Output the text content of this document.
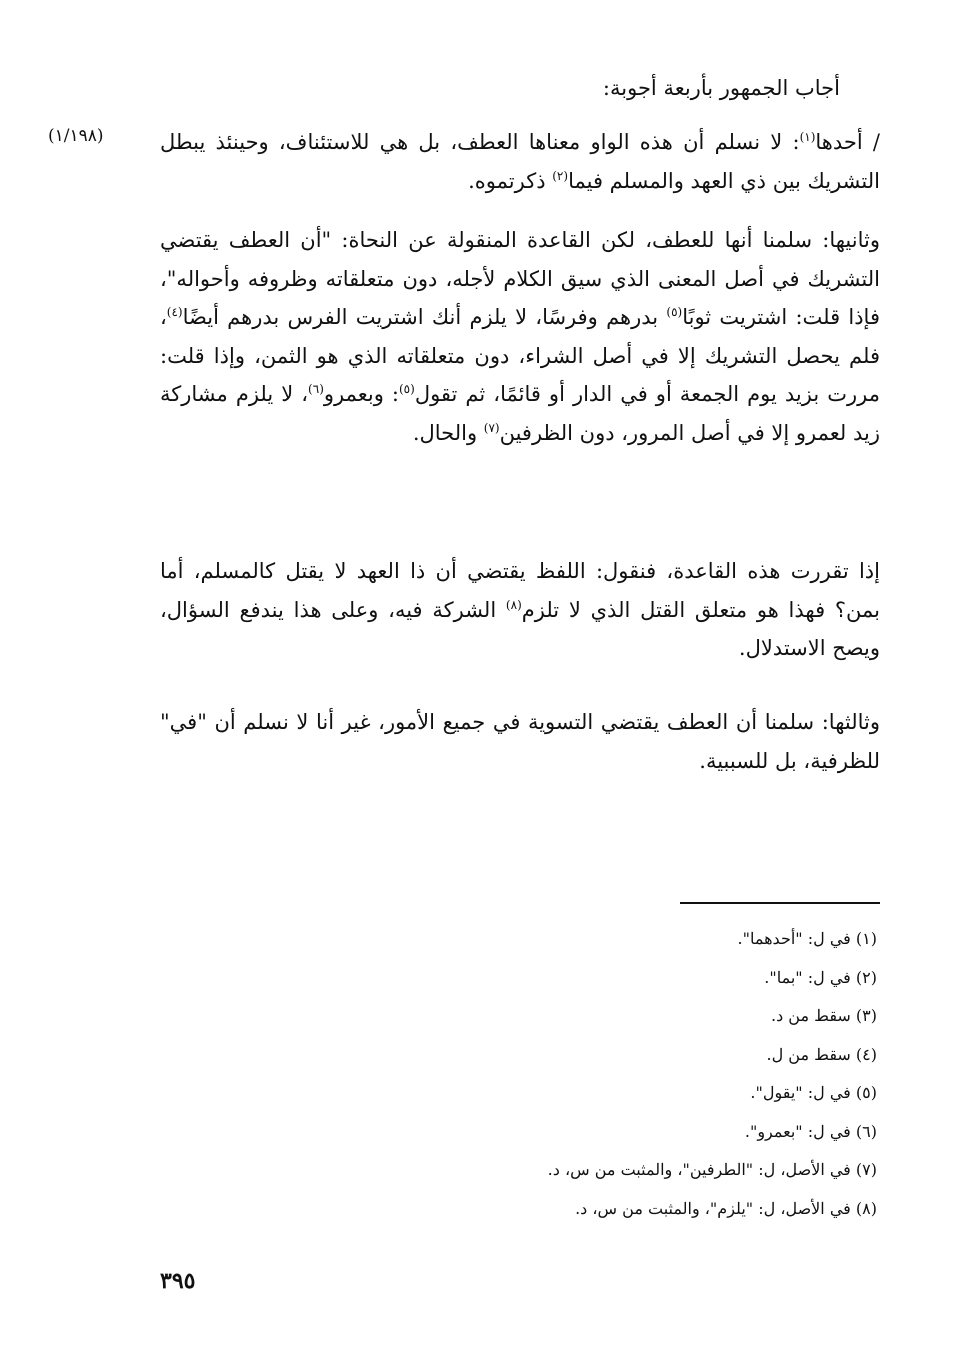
أجاب الجمهور بأربعة أجوبة:
(١/١٩٨)	/ أحدها$^{(١)}$: لا نسلم أن هذه الواو معناها العطف، بل هي للاستئناف، وحينئذ يبطل التشريك بين ذي العهد والمسلم فيما$^{(٢)}$ ذكرتموه.
وثانيها: سلمنا أنها للعطف، لكن القاعدة المنقولة عن النحاة: "أن العطف يقتضي التشريك في أصل المعنى الذي سيق الكلام لأجله، دون متعلقاته وظروفه وأحواله"، فإذا قلت: اشتريت ثوبًا$^{(٥)}$ بدرهم وفرسًا، لا يلزم أنك اشتريت الفرس بدرهم أيضًا$^{(٤)}$، فلم يحصل التشريك إلا في أصل الشراء، دون متعلقاته الذي هو الثمن، وإذا قلت: مررت بزيد يوم الجمعة أو في الدار أو قائمًا، ثم تقول$^{(٥)}$: وبعمرو$^{(٦)}$، لا يلزم مشاركة زيد لعمرو إلا في أصل المرور، دون الظرفين$^{(٧)}$ والحال.
إذا تقررت هذه القاعدة، فنقول: اللفظ يقتضي أن ذا العهد لا يقتل كالمسلم، أما بمن؟ فهذا هو متعلق القتل الذي لا تلزم$^{(٨)}$ الشركة فيه، وعلى هذا يندفع السؤال، ويصح الاستدلال.
وثالثها: سلمنا أن العطف يقتضي التسوية في جميع الأمور، غير أنا لا نسلم أن "في" للظرفية، بل للسببية.
(١) في ل: "أحدهما".
(٢) في ل: "بما".
(٣) سقط من د.
(٤) سقط من ل.
(٥) في ل: "يقول".
(٦) في ل: "بعمرو".
(٧) في الأصل، ل: "الطرفين"، والمثبت من س، د.
(٨) في الأصل، ل: "يلزم"، والمثبت من س، د.
٣٩٥
